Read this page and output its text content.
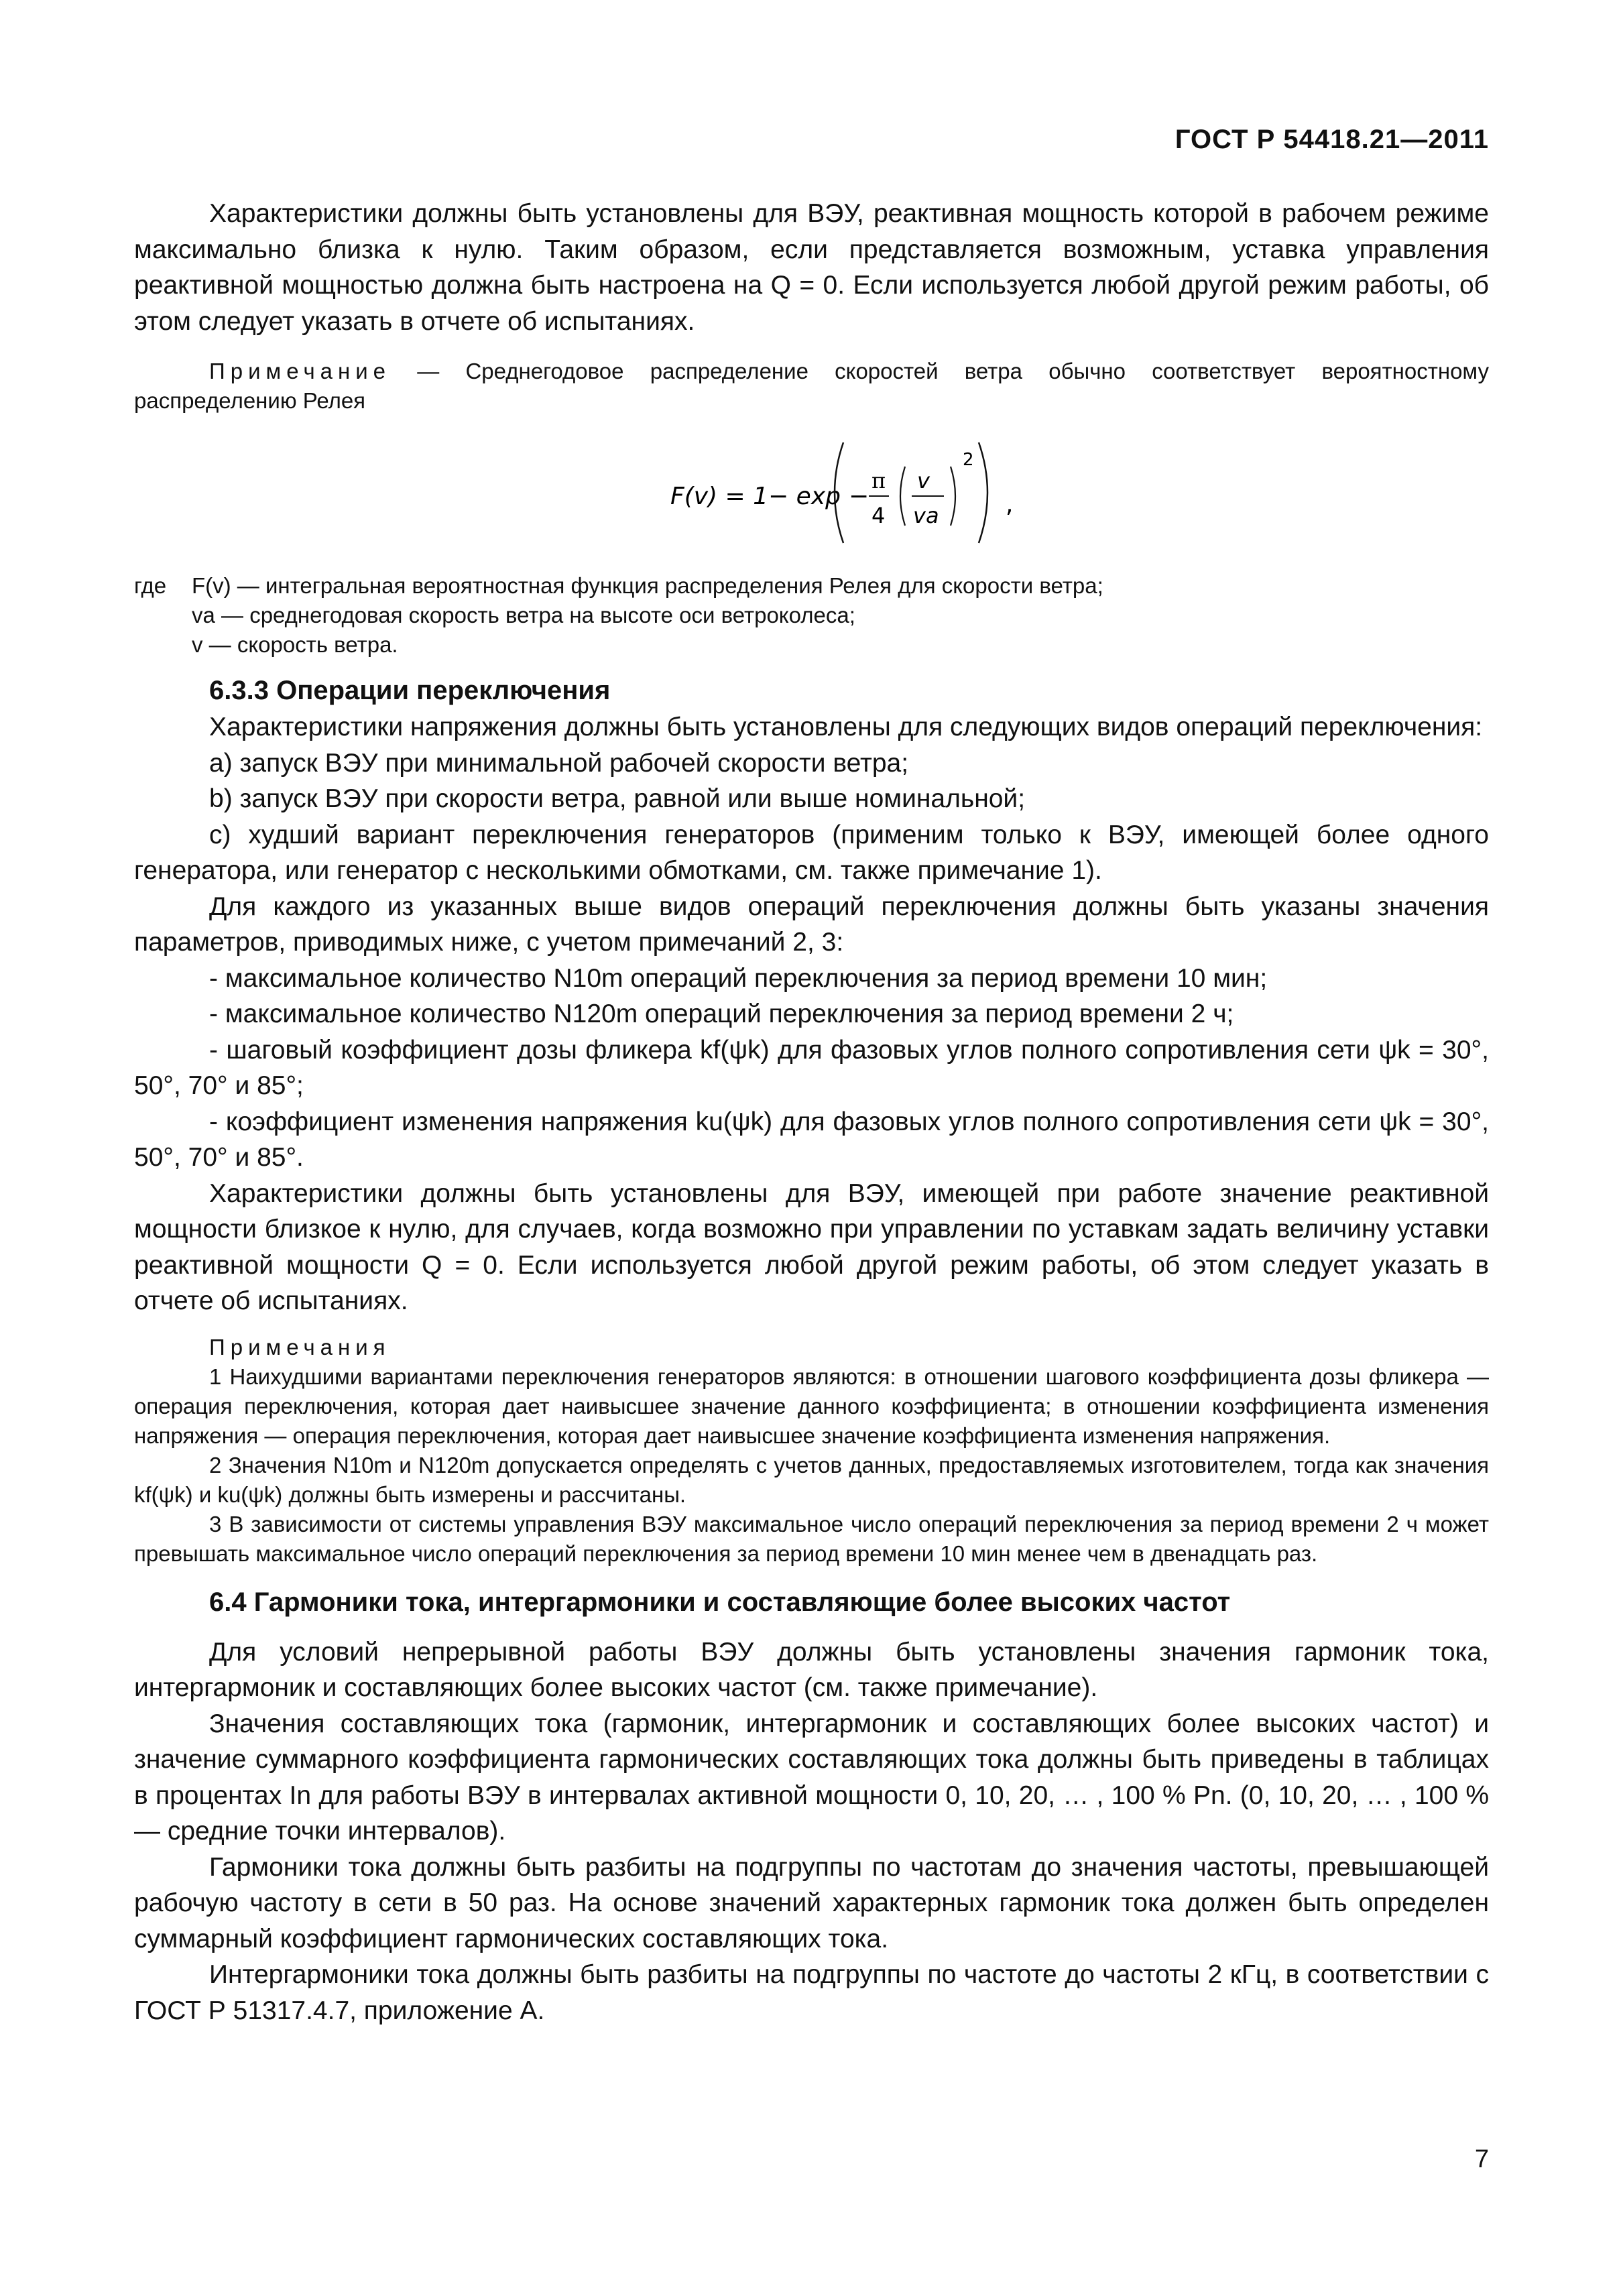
ГОСТ Р 54418.21—2011

Характеристики должны быть установлены для ВЭУ, реактивная мощность которой в рабочем режиме максимально близка к нулю. Таким образом, если представляется возможным, уставка управления реактивной мощностью должна быть настроена на Q = 0. Если используется любой другой режим работы, об этом следует указать в отчете об испытаниях.

Примечание — Среднегодовое распределение скоростей ветра обычно соответствует вероятностному распределению Релея

F(v) = 1− exp −
π
4
v
va
2
,
где	F(v) — интегральная вероятностная функция распределения Релея для скорости ветра;
va — среднегодовая скорость ветра на высоте оси ветроколеса;
v — скорость ветра.
6.3.3 Операции переключения

Характеристики напряжения должны быть установлены для следующих видов операций переключения:

a) запуск ВЭУ при минимальной рабочей скорости ветра;

b) запуск ВЭУ при скорости ветра, равной или выше номинальной;

c) худший вариант переключения генераторов (применим только к ВЭУ, имеющей более одного генератора, или генератор с несколькими обмотками, см. также примечание 1).

Для каждого из указанных выше видов операций переключения должны быть указаны значения параметров, приводимых ниже, с учетом примечаний 2, 3:

- максимальное количество N10m операций переключения за период времени 10 мин;

- максимальное количество N120m операций переключения за период времени 2 ч;

- шаговый коэффициент дозы фликера kf(ψk) для фазовых углов полного сопротивления сети ψk = 30°, 50°, 70° и 85°;

- коэффициент изменения напряжения ku(ψk) для фазовых углов полного сопротивления сети ψk = 30°, 50°, 70° и 85°.

Характеристики должны быть установлены для ВЭУ, имеющей при работе значение реактивной мощности близкое к нулю, для случаев, когда возможно при управлении по уставкам задать величину уставки реактивной мощности Q = 0. Если используется любой другой режим работы, об этом следует указать в отчете об испытаниях.

Примечания

1 Наихудшими вариантами переключения генераторов являются: в отношении шагового коэффициента дозы фликера — операция переключения, которая дает наивысшее значение данного коэффициента; в отношении коэффициента изменения напряжения — операция переключения, которая дает наивысшее значение коэффициента изменения напряжения.

2 Значения N10m и N120m допускается определять с учетов данных, предоставляемых изготовителем, тогда как значения kf(ψk) и ku(ψk) должны быть измерены и рассчитаны.

3 В зависимости от системы управления ВЭУ максимальное число операций переключения за период времени 2 ч может превышать максимальное число операций переключения за период времени 10 мин менее чем в двенадцать раз.

6.4 Гармоники тока, интергармоники и составляющие более высоких частот

Для условий непрерывной работы ВЭУ должны быть установлены значения гармоник тока, интергармоник и составляющих более высоких частот (см. также примечание).

Значения составляющих тока (гармоник, интергармоник и составляющих более высоких частот) и значение суммарного коэффициента гармонических составляющих тока должны быть приведены в таблицах в процентах In для работы ВЭУ в интервалах активной мощности 0, 10, 20, … , 100 % Pn. (0, 10, 20, … , 100 % — средние точки интервалов).

Гармоники тока должны быть разбиты на подгруппы по частотам до значения частоты, превышающей рабочую частоту в сети в 50 раз. На основе значений характерных гармоник тока должен быть определен суммарный коэффициент гармонических составляющих тока.

Интергармоники тока должны быть разбиты на подгруппы по частоте до частоты 2 кГц, в соответствии с ГОСТ Р 51317.4.7, приложение А.

7
